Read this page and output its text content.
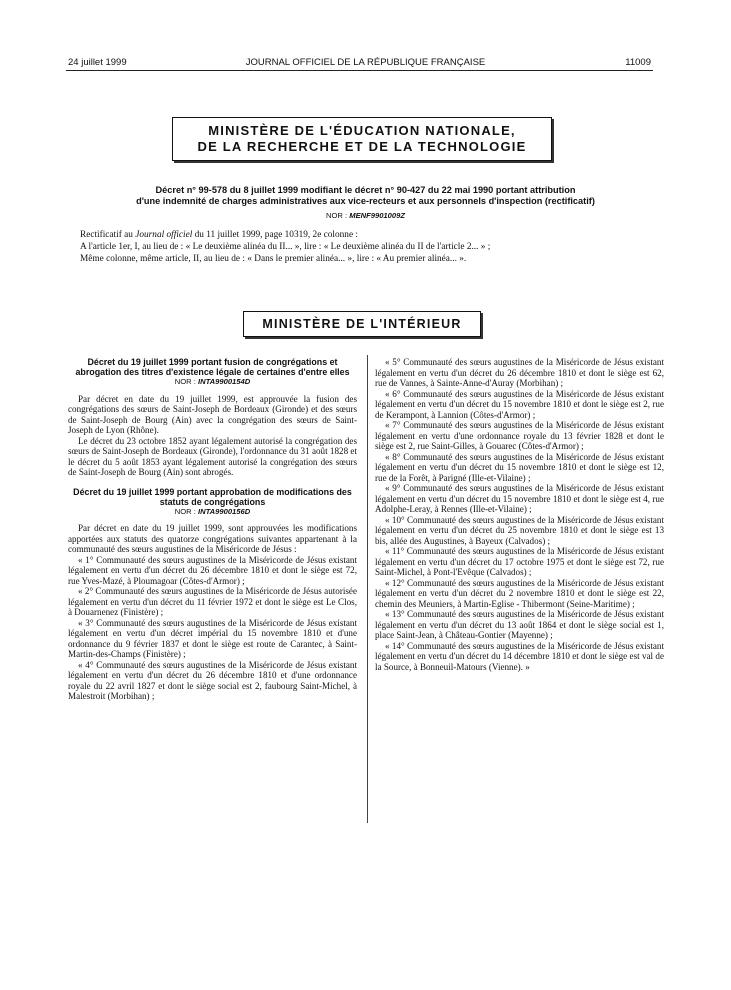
24 juillet 1999	JOURNAL OFFICIEL DE LA RÉPUBLIQUE FRANÇAISE	11009
MINISTÈRE DE L'ÉDUCATION NATIONALE,
DE LA RECHERCHE ET DE LA TECHNOLOGIE
Décret n° 99-578 du 8 juillet 1999 modifiant le décret n° 90-427 du 22 mai 1990 portant attribution
d'une indemnité de charges administratives aux vice-recteurs et aux personnels d'inspection (rectificatif)
NOR : MENF9901009Z

Rectificatif au Journal officiel du 11 juillet 1999, page 10319, 2e colonne :

A l'article 1er, I, au lieu de : « Le deuxième alinéa du II... », lire : « Le deuxième alinéa du II de l'article 2... » ;

Même colonne, même article, II, au lieu de : « Dans le premier alinéa... », lire : « Au premier alinéa... ».

MINISTÈRE DE L'INTÉRIEUR

Décret du 19 juillet 1999 portant fusion de congrégations et abrogation des titres d'existence légale de certaines d'entre elles

NOR : INTA9900154D

Par décret en date du 19 juillet 1999, est approuvée la fusion des congrégations des sœurs de Saint-Joseph de Bordeaux (Gironde) et des sœurs de Saint-Joseph de Bourg (Ain) avec la congrégation des sœurs de Saint-Joseph de Lyon (Rhône).

Le décret du 23 octobre 1852 ayant légalement autorisé la congrégation des sœurs de Saint-Joseph de Bordeaux (Gironde), l'ordonnance du 31 août 1828 et le décret du 5 août 1853 ayant légalement autorisé la congrégation des sœurs de Saint-Joseph de Bourg (Ain) sont abrogés.

Décret du 19 juillet 1999 portant approbation de modifications des statuts de congrégations

NOR : INTA9900156D

Par décret en date du 19 juillet 1999, sont approuvées les modifications apportées aux statuts des quatorze congrégations suivantes appartenant à la communauté des sœurs augustines de la Miséricorde de Jésus :

« 1° Communauté des sœurs augustines de la Miséricorde de Jésus existant légalement en vertu d'un décret du 26 décembre 1810 et dont le siège est 72, rue Yves-Mazé, à Ploumagoar (Côtes-d'Armor) ;

« 2° Communauté des sœurs augustines de la Miséricorde de Jésus autorisée légalement en vertu d'un décret du 11 février 1972 et dont le siège est Le Clos, à Douarnenez (Finistère) ;

« 3° Communauté des sœurs augustines de la Miséricorde de Jésus existant légalement en vertu d'un décret impérial du 15 novembre 1810 et d'une ordonnance du 9 février 1837 et dont le siège est route de Carantec, à Saint-Martin-des-Champs (Finistère) ;

« 4° Communauté des sœurs augustines de la Miséricorde de Jésus existant légalement en vertu d'un décret du 26 décembre 1810 et d'une ordonnance royale du 22 avril 1827 et dont le siège social est 2, faubourg Saint-Michel, à Malestroit (Morbihan) ;

« 5° Communauté des sœurs augustines de la Miséricorde de Jésus existant légalement en vertu d'un décret du 26 décembre 1810 et dont le siège est 62, rue de Vannes, à Sainte-Anne-d'Auray (Morbihan) ;

« 6° Communauté des sœurs augustines de la Miséricorde de Jésus existant légalement en vertu d'un décret du 15 novembre 1810 et dont le siège est 2, rue de Kerampont, à Lannion (Côtes-d'Armor) ;

« 7° Communauté des sœurs augustines de la Miséricorde de Jésus existant légalement en vertu d'une ordonnance royale du 13 février 1828 et dont le siège est 2, rue Saint-Gilles, à Gouarec (Côtes-d'Armor) ;

« 8° Communauté des sœurs augustines de la Miséricorde de Jésus existant légalement en vertu d'un décret du 15 novembre 1810 et dont le siège est 12, rue de la Forêt, à Parigné (Ille-et-Vilaine) ;

« 9° Communauté des sœurs augustines de la Miséricorde de Jésus existant légalement en vertu d'un décret du 15 novembre 1810 et dont le siège est 4, rue Adolphe-Leray, à Rennes (Ille-et-Vilaine) ;

« 10° Communauté des sœurs augustines de la Miséricorde de Jésus existant légalement en vertu d'un décret du 25 novembre 1810 et dont le siège est 13 bis, allée des Augustines, à Bayeux (Calvados) ;

« 11° Communauté des sœurs augustines de la Miséricorde de Jésus existant légalement en vertu d'un décret du 17 octobre 1975 et dont le siège est 72, rue Saint-Michel, à Pont-l'Evêque (Calvados) ;

« 12° Communauté des sœurs augustines de la Miséricorde de Jésus existant légalement en vertu d'un décret du 2 novembre 1810 et dont le siège est 22, chemin des Meuniers, à Martin-Eglise - Thibermont (Seine-Maritime) ;

« 13° Communauté des sœurs augustines de la Miséricorde de Jésus existant légalement en vertu d'un décret du 13 août 1864 et dont le siège social est 1, place Saint-Jean, à Château-Gontier (Mayenne) ;

« 14° Communauté des sœurs augustines de la Miséricorde de Jésus existant légalement en vertu d'un décret du 14 décembre 1810 et dont le siège est val de la Source, à Bonneuil-Matours (Vienne). »
